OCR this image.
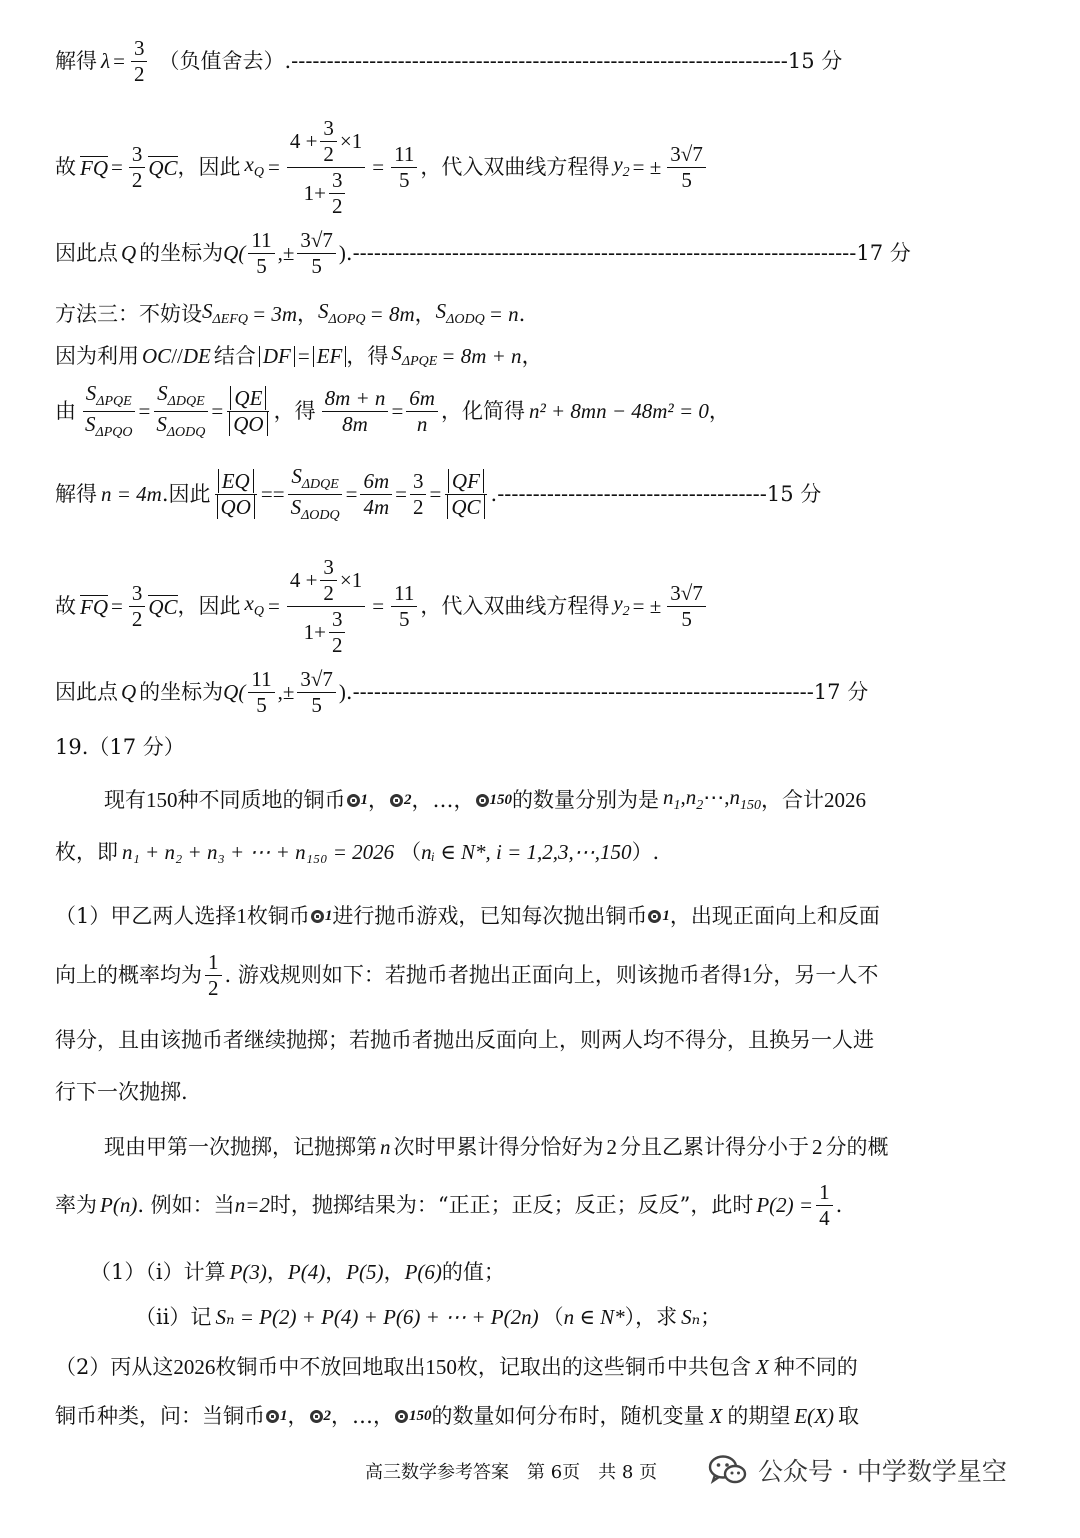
解得 $\lambda = \frac{3}{2}$ （负值舍去） .---------------------------------------------------------------------- 15 分
故 FQ = $\frac{3}{2}$ QC ，因此 $x_Q = \frac{4 + \frac{3}{2} \times 1}{1+ \frac{3}{2}} = \frac{11}{5}$ ，代入双曲线方程得 $y_2$ = ± $\frac{3√7}{5}$
因此点 Q 的坐标为 $Q( \frac{11}{5}$ ,± $\frac{3√7}{5}$ ) .----------------------------------------------------------------------- 17 分
方法三：不妨设 $S_{\Delta EFQ} = 3m$ ， $S_{\Delta OPQ} = 8m$ ， $S_{\Delta ODQ} = n$ .
因为利用 OC // DE 结合 DF = EF ，得 $S_{\Delta PQE} = 8m + n$ ，
由 $\frac{S_{\Delta PQE}}{S_{\Delta PQO}} = \frac{S_{\Delta DQE}}{S_{\Delta ODQ}} = \frac{QE}{QO}$ ，得 $\frac{8m + n}{8m} = \frac{6m}{n}$ ，化简得 n² + 8mn − 48m² = 0 ，
解得 n = 4m .因此 $\frac{EQ}{QO} == \frac{S_{\Delta DQE}}{S_{\Delta ODQ}} = \frac{6m}{4m} = \frac{3}{2} = \frac{QF}{QC}$ .-------------------------------------- 15 分
故 FQ = $\frac{3}{2}$ QC ，因此 $x_Q = \frac{4 + \frac{3}{2} \times 1}{1+ \frac{3}{2}} = \frac{11}{5}$ ，代入双曲线方程得 $y_2$ = ± $\frac{3√7}{5}$
因此点 Q 的坐标为 $Q( \frac{11}{5}$ ,± $\frac{3√7}{5}$ ) .----------------------------------------------------------------- 17 分
19.（17 分）
现有 150 种不同质地的铜币 1 ， 2 ，…， 150 的数量分别为是 $n_1,n_2\cdots,n_{150}$ ，合计 2026
枚，即 n₁ + n₂ + n₃ + ⋯ + n₁₅₀ = 2026 （ nᵢ ∈ N*, i = 1,2,3,⋯,150 ）.
（1）甲乙两人选择 1 枚铜币 1 进行抛币游戏，已知每次抛出铜币 1 ，出现正面向上和反面
向上的概率均为 $\frac{1}{2}$ . 游戏规则如下：若抛币者抛出正面向上，则该抛币者得 1 分，另一人不
得分，且由该抛币者继续抛掷；若抛币者抛出反面向上，则两人均不得分，且换另一人进
行下一次抛掷.
现由甲第一次抛掷，记抛掷第 n 次时甲累计得分恰好为 2 分且乙累计得分小于 2 分的概
率为 P(n) . 例如：当 n=2 时，抛掷结果为：“正正；正反；反正；反反”，此时 $P(2) = \frac{1}{4}$ .
（1）（i）计算 P(3) ， P(4) ， P(5) ， P(6) 的值；
（ii）记 Sₙ = P(2) + P(4) + P(6) + ⋯ + P(2n) （ n ∈ N* ），求 Sₙ ；
（2）丙从这 2026 枚铜币中不放回地取出 150 枚，记取出的这些铜币中共包含 X 种不同的
铜币种类，问：当铜币 1 ， 2 ，…， 150 的数量如何分布时，随机变量 X 的期望 E(X) 取
高三数学参考答案　第 6页　共 8 页	公众号 · 中学数学星空
